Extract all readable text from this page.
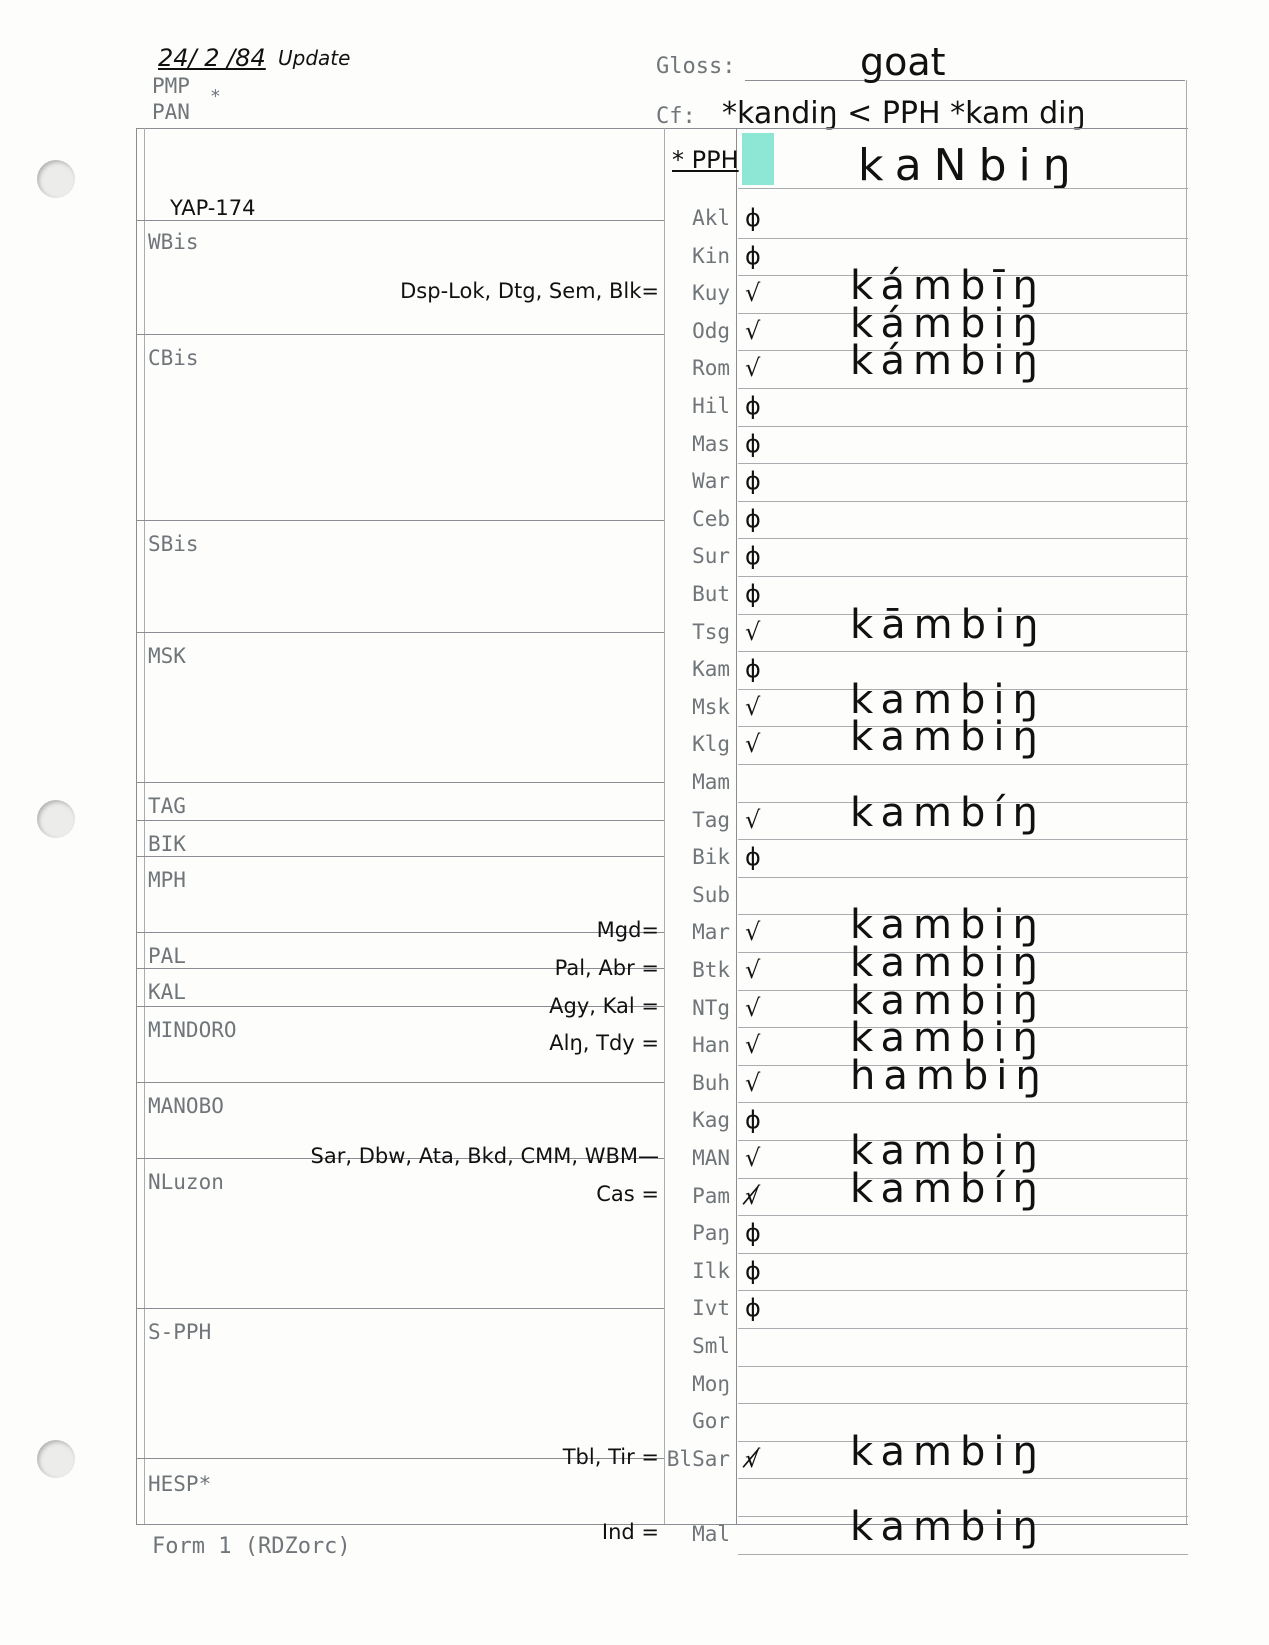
24/ 2 /84 Update
PMP *
PAN
Gloss:	goat
Cf: *kandiŋ < PPH *kam diŋ
* PPH	kaNbiŋ
YAP-174
WBis
CBis
SBis
MSK
TAG
BIK
MPH
PAL
KAL
MINDORO
MANOBO
NLuzon
S-PPH
HESP*
Akl ϕ
Kin ϕ
Kuy √ kámbīŋ
Dsp-Lok, Dtg, Sem, Blk=
Odg √ kámbiŋ
Rom √ kámbiŋ
Hil ϕ
Mas ϕ
War ϕ
Ceb ϕ
Sur ϕ
But ϕ
Tsg √ kāmbiŋ
Kam ϕ
Msk √ kambiŋ
Klg √ kambiŋ
Mam
Tag √ kambíŋ
Bik ϕ
Sub
Mar √ kambiŋ
Mgd=
Btk √ kambiŋ
Pal, Abr =
NTg √ kambiŋ
Agy, Kal =
Han √ kambiŋ
Alŋ, Tdy =
Buh √ hambiŋ
Kag ϕ
MAN √ kambiŋ
Sar, Dbw, Ata, Bkd, CMM, WBM—
Pam √̸ kambíŋ
Cas =
Paŋ ϕ
Ilk ϕ
Ivt ϕ
Sml
Moŋ
Gor
BlSar √̸ kambiŋ
Tbl, Tir =
Mal	kambiŋ
Ind =
Form 1 (RDZorc)
